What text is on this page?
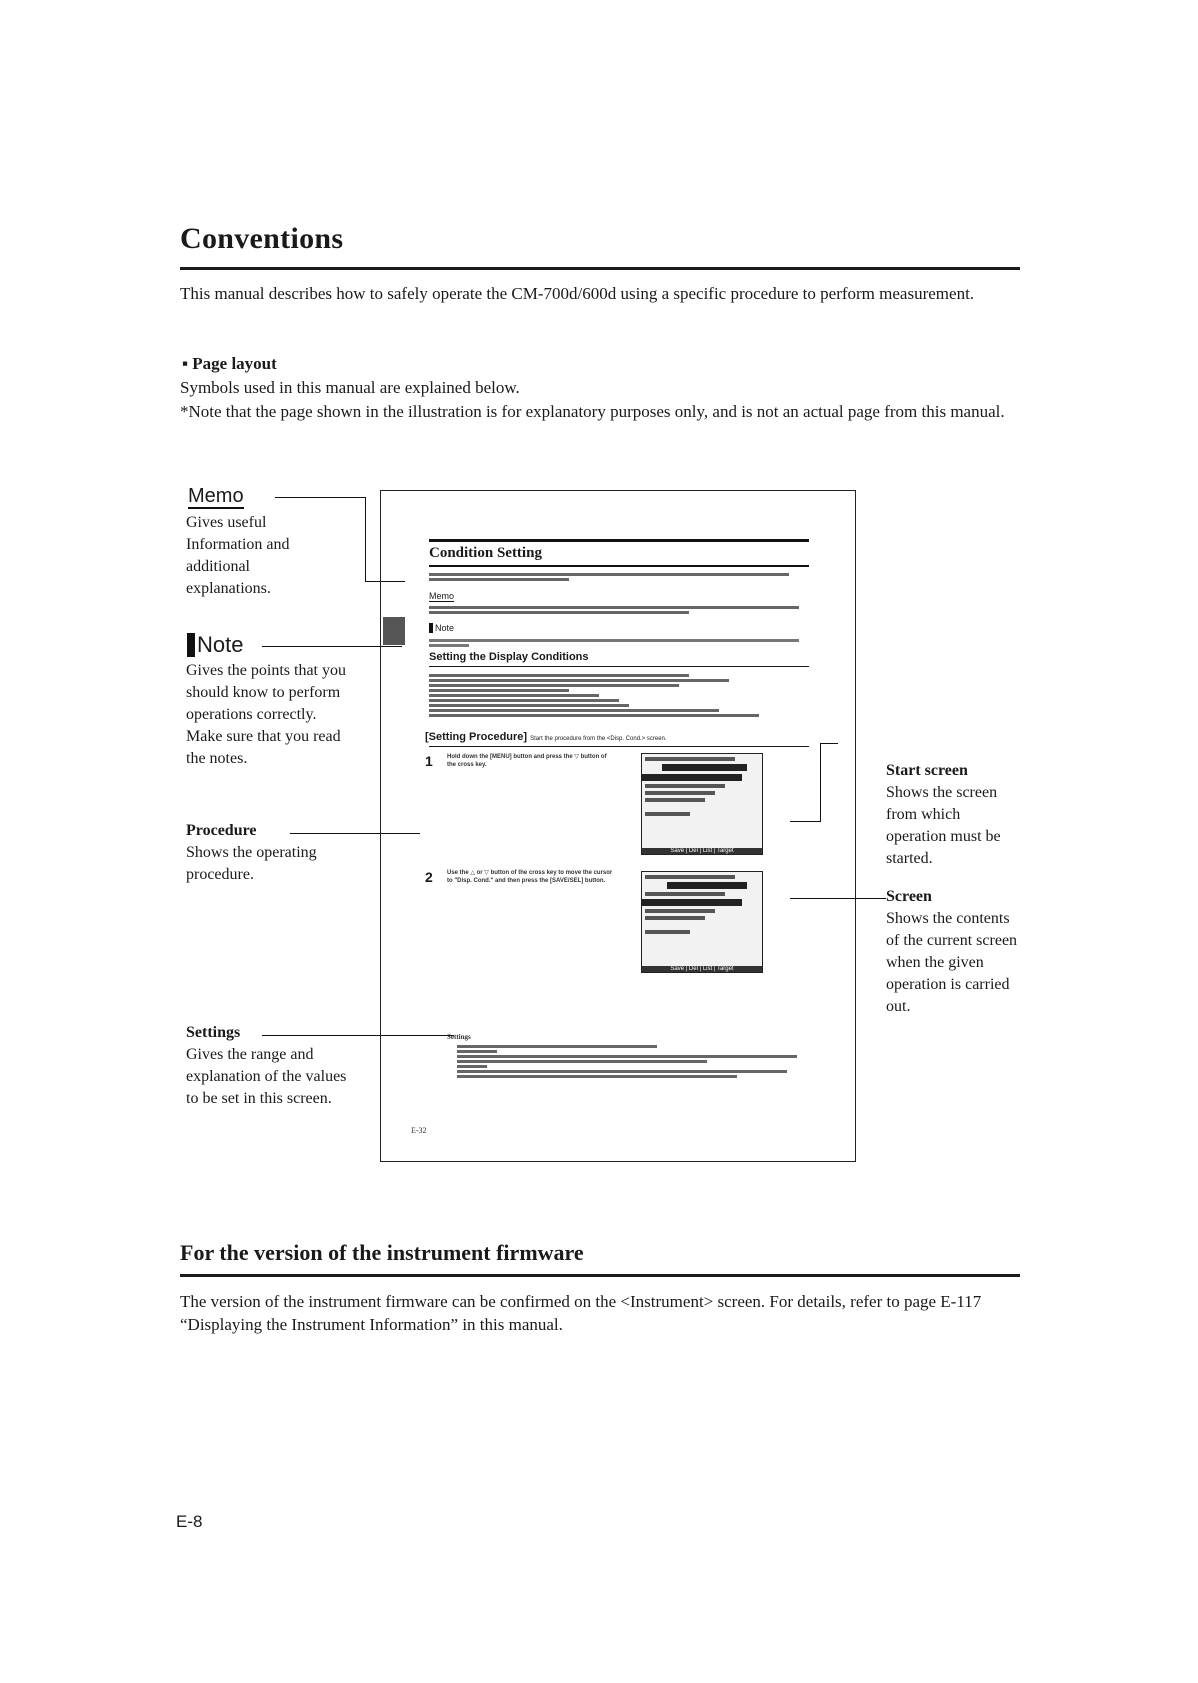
Conventions
This manual describes how to safely operate the CM-700d/600d using a specific procedure to perform measurement.
▪ Page layout
Symbols used in this manual are explained below.
*Note that the page shown in the illustration is for explanatory purposes only, and is not an actual page from this manual.
Memo
Gives useful Information and additional explanations.
Note
Gives the points that you should know to perform operations correctly. Make sure that you read the notes.
Procedure
Shows the operating procedure.
Settings
Gives the range and explanation of the values to be set in this screen.
Condition Setting
Memo
Note
Setting the Display Conditions
[Setting Procedure] Start the procedure from the <Disp. Cond.> screen.
1 Hold down the [MENU] button and press the ▽ button of the cross key.
Save | Del | List | Target
2 Use the △ or ▽ button of the cross key to move the cursor to "Disp. Cond." and then press the [SAVE/SEL] button.
Save | Del | List | Target
Settings
E-32
Start screen
Shows the screen from which operation must be started.
Screen
Shows the contents of the current screen when the given operation is carried out.
For the version of the instrument firmware
The version of the instrument firmware can be confirmed on the <Instrument> screen. For details, refer to page E-117 “Displaying the Instrument Information” in this manual.
E-8
